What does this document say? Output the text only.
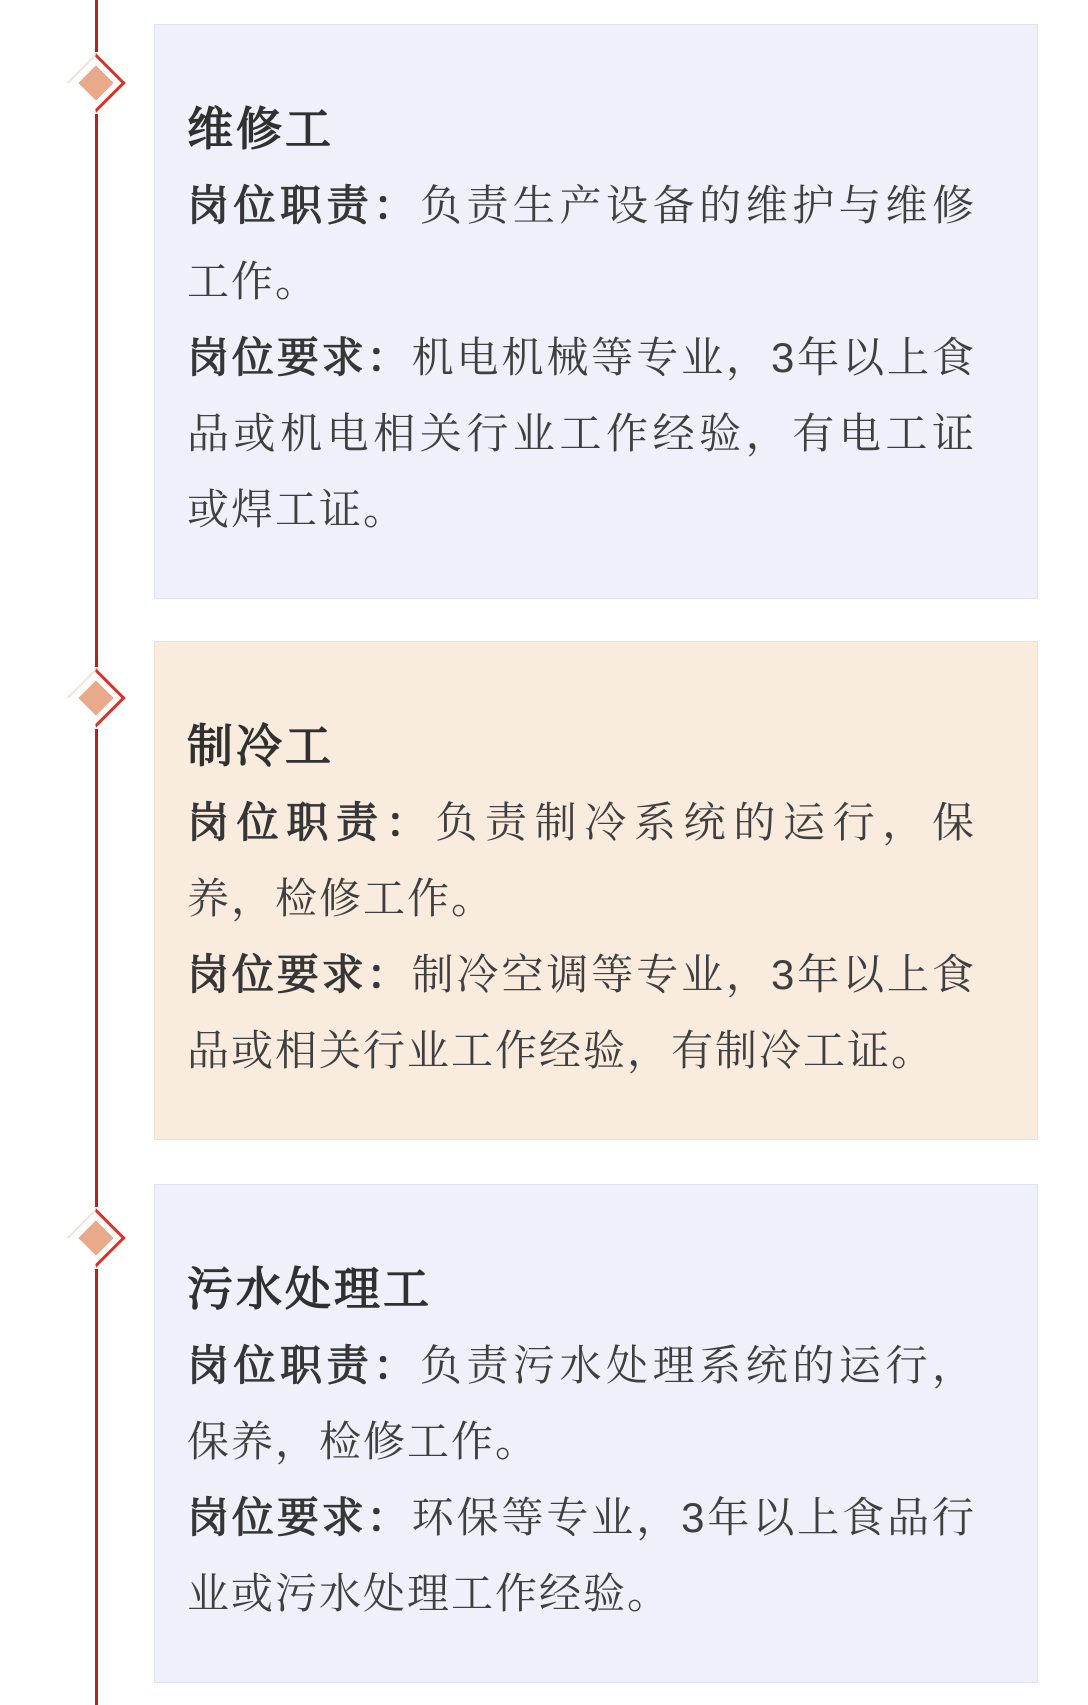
维修工

岗位职责：负责生产设备的维护与维修工作。

岗位要求：机电机械等专业，3年以上食品或机电相关行业工作经验，有电工证或焊工证。

制冷工

岗位职责：负责制冷系统的运行，保养，检修工作。

岗位要求：制冷空调等专业，3年以上食品或相关行业工作经验，有制冷工证。

污水处理工

岗位职责：负责污水处理系统的运行，保养，检修工作。

岗位要求：环保等专业，3年以上食品行业或污水处理工作经验。
